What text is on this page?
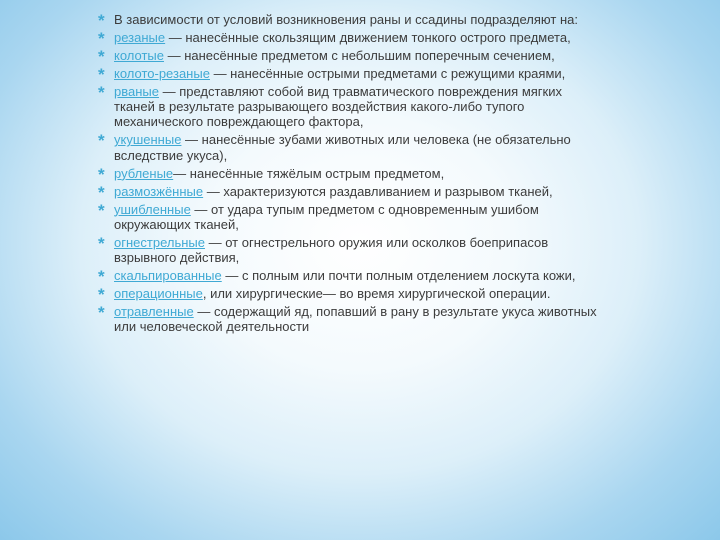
* В зависимости от условий возникновения раны и ссадины подразделяют на:
* резаные — нанесённые скользящим движением тонкого острого предмета,
* колотые — нанесённые предметом с небольшим поперечным сечением,
* колото-резаные — нанесённые острыми предметами с режущими краями,
* рваные — представляют собой вид травматического повреждения мягких тканей в результате разрывающего воздействия какого-либо тупого механического повреждающего фактора,
* укушенные — нанесённые зубами животных или человека (не обязательно вследствие укуса),
* рубленые— нанесённые тяжёлым острым предметом,
* размозжённые — характеризуются раздавливанием и разрывом тканей,
* ушибленные — от удара тупым предметом с одновременным ушибом окружающих тканей,
* огнестрельные — от огнестрельного оружия или осколков боеприпасов взрывного действия,
* скальпированные — с полным или почти полным отделением лоскута кожи,
* операционные, или хирургические— во время хирургической операции.
* отравленные — содержащий яд, попавший в рану в результате укуса животных или человеческой деятельности
